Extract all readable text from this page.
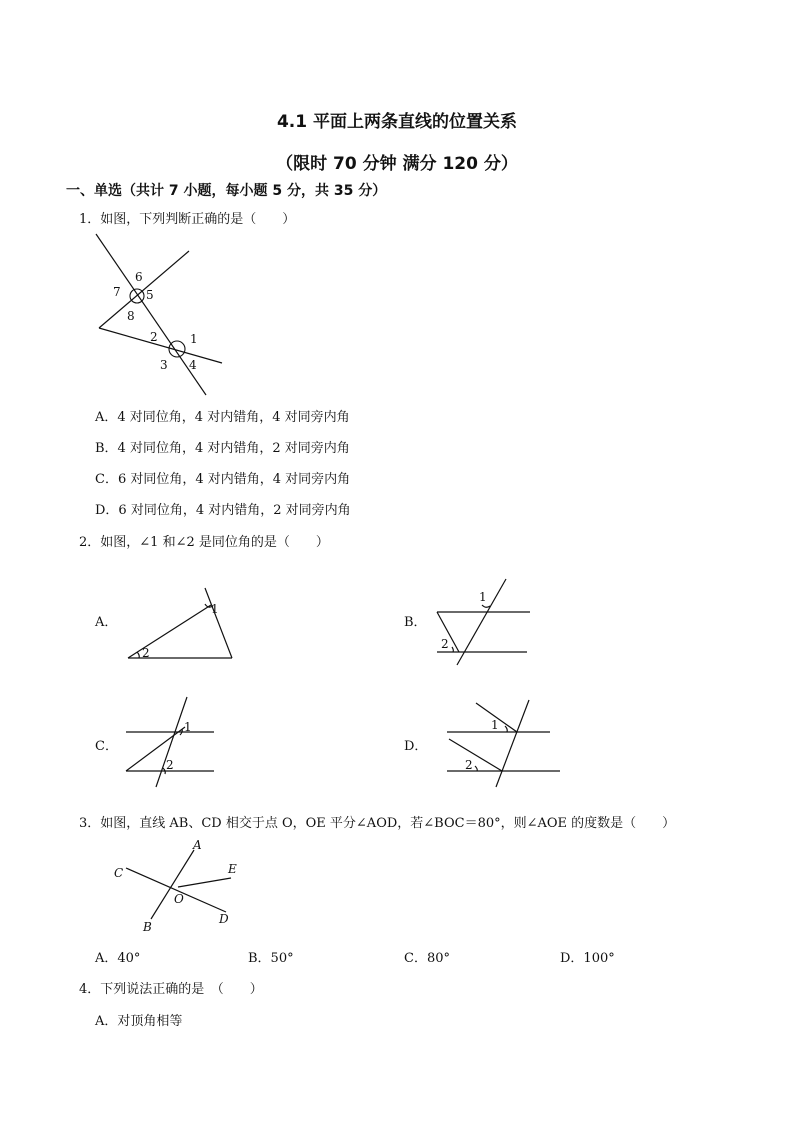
4.1 平面上两条直线的位置关系
（限时 70 分钟 满分 120 分）
一、单选（共计 7 小题，每小题 5 分，共 35 分）
1．如图，下列判断正确的是（　　）
6
7 5
8
2	1
3 4
A．4 对同位角，4 对内错角，4 对同旁内角
B．4 对同位角，4 对内错角，2 对同旁内角
C．6 对同位角，4 对内错角，4 对同旁内角
D．6 对同位角，4 对内错角，2 对同旁内角
2．如图，∠1 和∠2 是同位角的是（　　）
A．	B．
C．	D．
1
2
1
2
1
2
1
2
3．如图，直线 AB、CD 相交于点 O，OE 平分∠AOD，若∠BOC＝80°，则∠AOE 的度数是（　　）
A
C	E
O
D
B
A．40°	B．50°	C．80°	D．100°
4．下列说法正确的是　（　　）
A．对顶角相等
